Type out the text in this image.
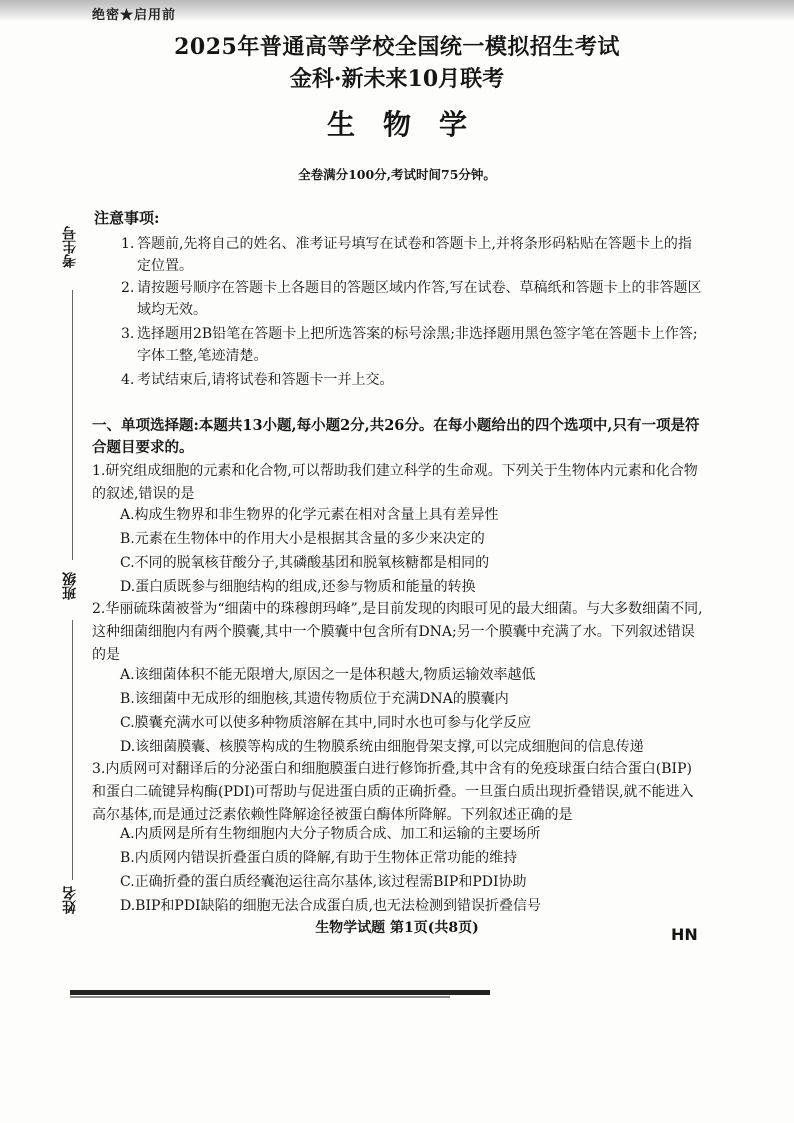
绝密★启用前
2025年普通高等学校全国统一模拟招生考试
金科·新未来10月联考
生物学
全卷满分100分,考试时间75分钟。
考生号
班级
姓名
注意事项:
1. 答题前,先将自己的姓名、准考证号填写在试卷和答题卡上,并将条形码粘贴在答题卡上的指定位置。
2. 请按题号顺序在答题卡上各题目的答题区域内作答,写在试卷、草稿纸和答题卡上的非答题区域均无效。
3. 选择题用2B铅笔在答题卡上把所选答案的标号涂黑;非选择题用黑色签字笔在答题卡上作答;字体工整,笔迹清楚。
4. 考试结束后,请将试卷和答题卡一并上交。
一、单项选择题:本题共13小题,每小题2分,共26分。在每小题给出的四个选项中,只有一项是符合题目要求的。
1.研究组成细胞的元素和化合物,可以帮助我们建立科学的生命观。下列关于生物体内元素和化合物的叙述,错误的是
A.构成生物界和非生物界的化学元素在相对含量上具有差异性
B.元素在生物体中的作用大小是根据其含量的多少来决定的
C.不同的脱氧核苷酸分子,其磷酸基团和脱氧核糖都是相同的
D.蛋白质既参与细胞结构的组成,还参与物质和能量的转换
2.华丽硫珠菌被誉为“细菌中的珠穆朗玛峰”,是目前发现的肉眼可见的最大细菌。与大多数细菌不同,这种细菌细胞内有两个膜囊,其中一个膜囊中包含所有DNA;另一个膜囊中充满了水。下列叙述错误的是
A.该细菌体积不能无限增大,原因之一是体积越大,物质运输效率越低
B.该细菌中无成形的细胞核,其遗传物质位于充满DNA的膜囊内
C.膜囊充满水可以使多种物质溶解在其中,同时水也可参与化学反应
D.该细菌膜囊、核膜等构成的生物膜系统由细胞骨架支撑,可以完成细胞间的信息传递
3.内质网可对翻译后的分泌蛋白和细胞膜蛋白进行修饰折叠,其中含有的免疫球蛋白结合蛋白(BIP)和蛋白二硫键异构酶(PDI)可帮助与促进蛋白质的正确折叠。一旦蛋白质出现折叠错误,就不能进入高尔基体,而是通过泛素依赖性降解途径被蛋白酶体所降解。下列叙述正确的是
A.内质网是所有生物细胞内大分子物质合成、加工和运输的主要场所
B.内质网内错误折叠蛋白质的降解,有助于生物体正常功能的维持
C.正确折叠的蛋白质经囊泡运往高尔基体,该过程需BIP和PDI协助
D.BIP和PDI缺陷的细胞无法合成蛋白质,也无法检测到错误折叠信号
生物学试题 第1页(共8页)	HN
